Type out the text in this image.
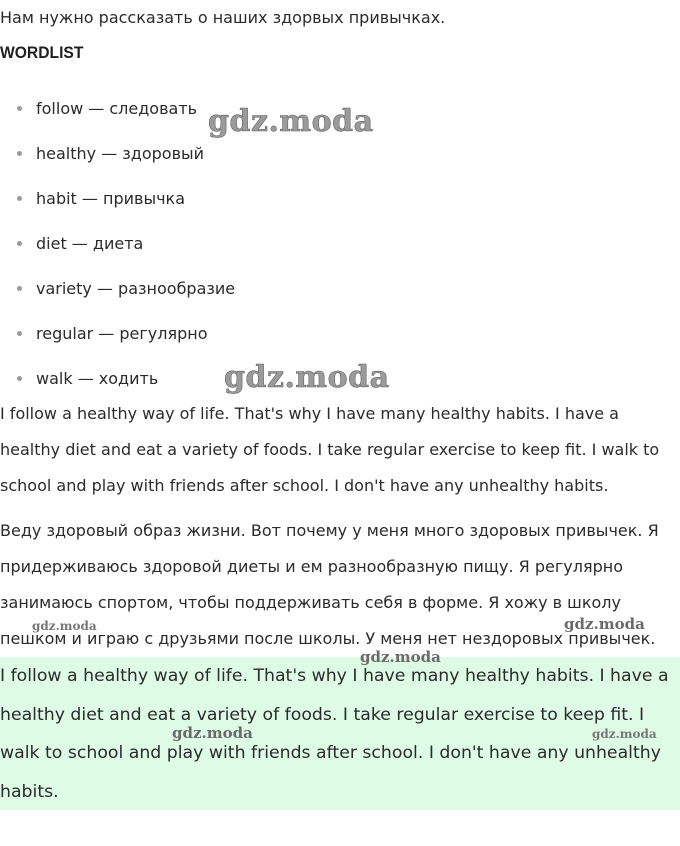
Нам нужно рассказать о наших здорвых привычках.
WORDLIST
follow — следовать
healthy — здоровый
habit — привычка
diet — диета
variety — разнообразие
regular — регулярно
walk — ходить

I follow a healthy way of life. That's why I have many healthy habits. I have a healthy diet and eat a variety of foods. I take regular exercise to keep fit. I walk to school and play with friends after school. I don't have any unhealthy habits.

Веду здоровый образ жизни. Вот почему у меня много здоровых привычек. Я придерживаюсь здоровой диеты и ем разнообразную пищу. Я регулярно занимаюсь спортом, чтобы поддерживать себя в форме. Я хожу в школу пешком и играю с друзьями после школы. У меня нет нездоровых привычек.

I follow a healthy way of life. That's why I have many healthy habits. I have a healthy diet and eat a variety of foods. I take regular exercise to keep fit. I walk to school and play with friends after school. I don't have any unhealthy habits.

gdz.moda
gdz.moda
gdz.moda	gdz.moda
gdz.moda
gdz.moda	gdz.moda
